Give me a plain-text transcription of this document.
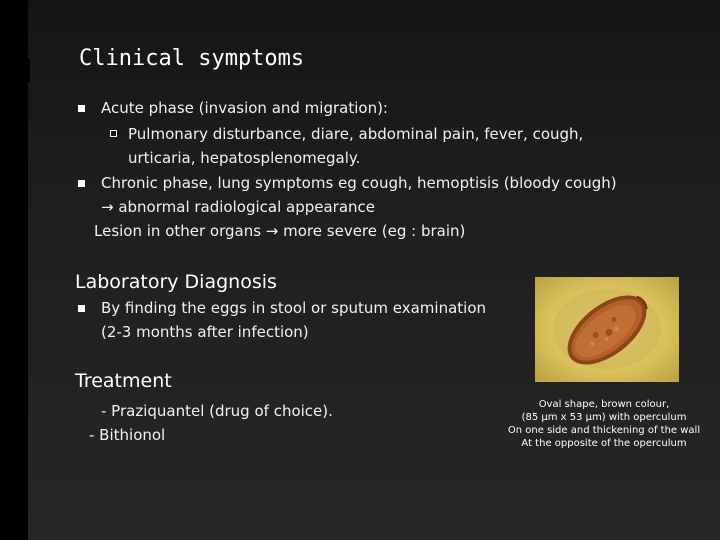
Clinical symptoms
Acute phase (invasion and migration):
Pulmonary disturbance, diare, abdominal pain, fever, cough,
urticaria, hepatosplenomegaly.
Chronic phase, lung symptoms eg cough, hemoptisis (bloody cough)
→ abnormal radiological appearance
Lesion in other organs → more severe (eg : brain)
Laboratory Diagnosis
By finding the eggs in stool or sputum examination
(2-3 months after infection)
Treatment
- Praziquantel (drug of choice).
- Bithionol
Oval shape, brown colour,
(85 μm x 53 μm) with operculum
On one side and thickening of the wall
At the opposite of the operculum
